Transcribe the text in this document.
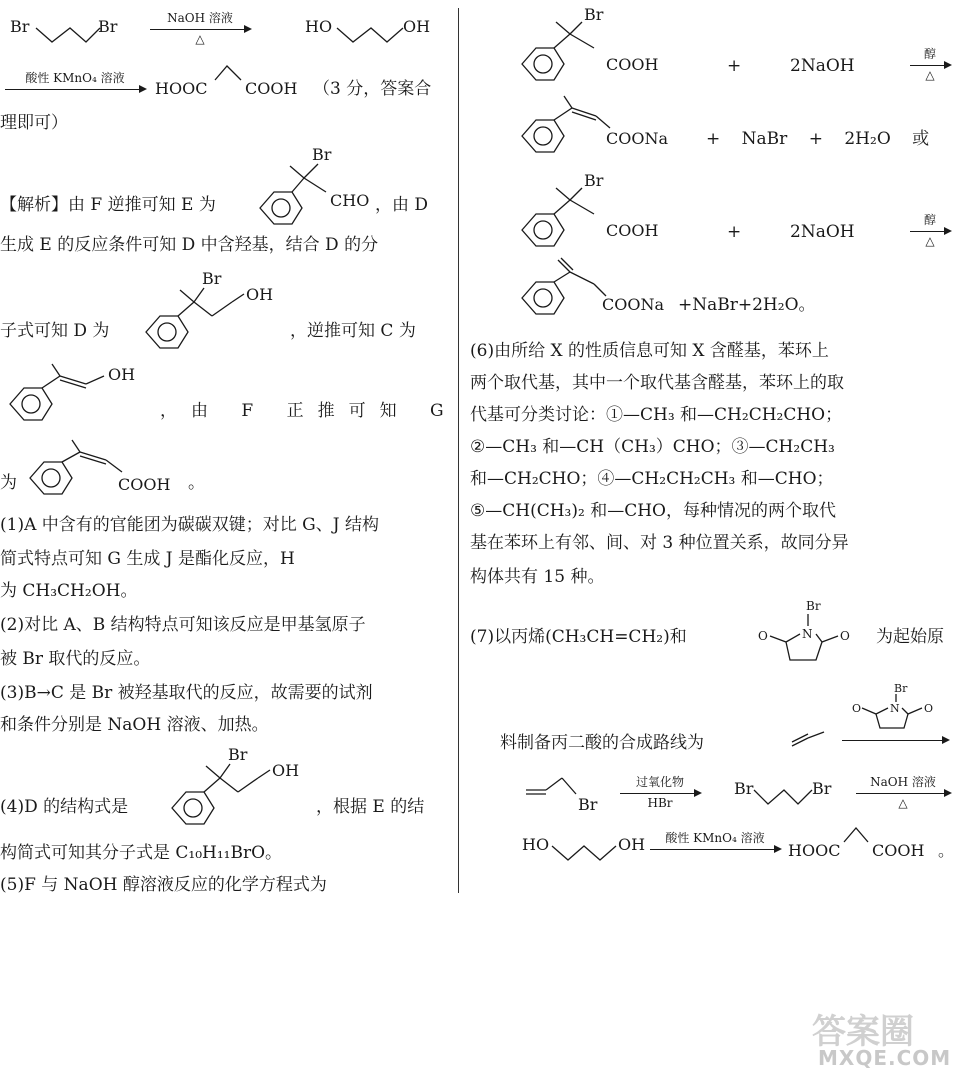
Br	Br	NaOH 溶液
△
HO	OH
酸性 KMnO₄ 溶液
HOOC COOH （3 分，答案合
理即可）
【解析】由 F 逆推可知 E 为
Br
CHO ，由 D
生成 E 的反应条件可知 D 中含羟基，结合 D 的分
子式可知 D 为
Br
OH
，逆推可知 C 为
OH
，由 F 正推可知 G
为	COOH 。
(1)A 中含有的官能团为碳碳双键；对比 G、J 结构
简式特点可知 G 生成 J 是酯化反应，H
为 CH₃CH₂OH。
(2)对比 A、B 结构特点可知该反应是甲基氢原子
被 Br 取代的反应。
(3)B→C 是 Br 被羟基取代的反应，故需要的试剂
和条件分别是 NaOH 溶液、加热。
(4)D 的结构式是
Br
OH
，根据 E 的结
构简式可知其分子式是 C₁₀H₁₁BrO。
(5)F 与 NaOH 醇溶液反应的化学方程式为
Br
COOH	+	2NaOH
醇
△
COONa + NaBr + 2H₂O 或
Br
COOH	+	2NaOH
醇
△
COONa +NaBr+2H₂O。
(6)由所给 X 的性质信息可知 X 含醛基，苯环上
两个取代基，其中一个取代基含醛基，苯环上的取
代基可分类讨论：①—CH₃ 和—CH₂CH₂CHO；
②—CH₃ 和—CH（CH₃）CHO；③—CH₂CH₃
和—CH₂CHO；④—CH₂CH₂CH₃ 和—CHO；
⑤—CH(CH₃)₂ 和—CHO，每种情况的两个取代
基在苯环上有邻、间、对 3 种位置关系，故同分异
构体共有 15 种。
(7)以丙烯(CH₃CH=CH₂)和
Br
N
O	O 为起始原
料制备丙二酸的合成路线为
Br
N
O	O
Br
过氧化物
HBr
Br	Br	NaOH 溶液
△
HO	OH	酸性 KMnO₄ 溶液
HOOC COOH 。
答案圈
MXQE.COM
